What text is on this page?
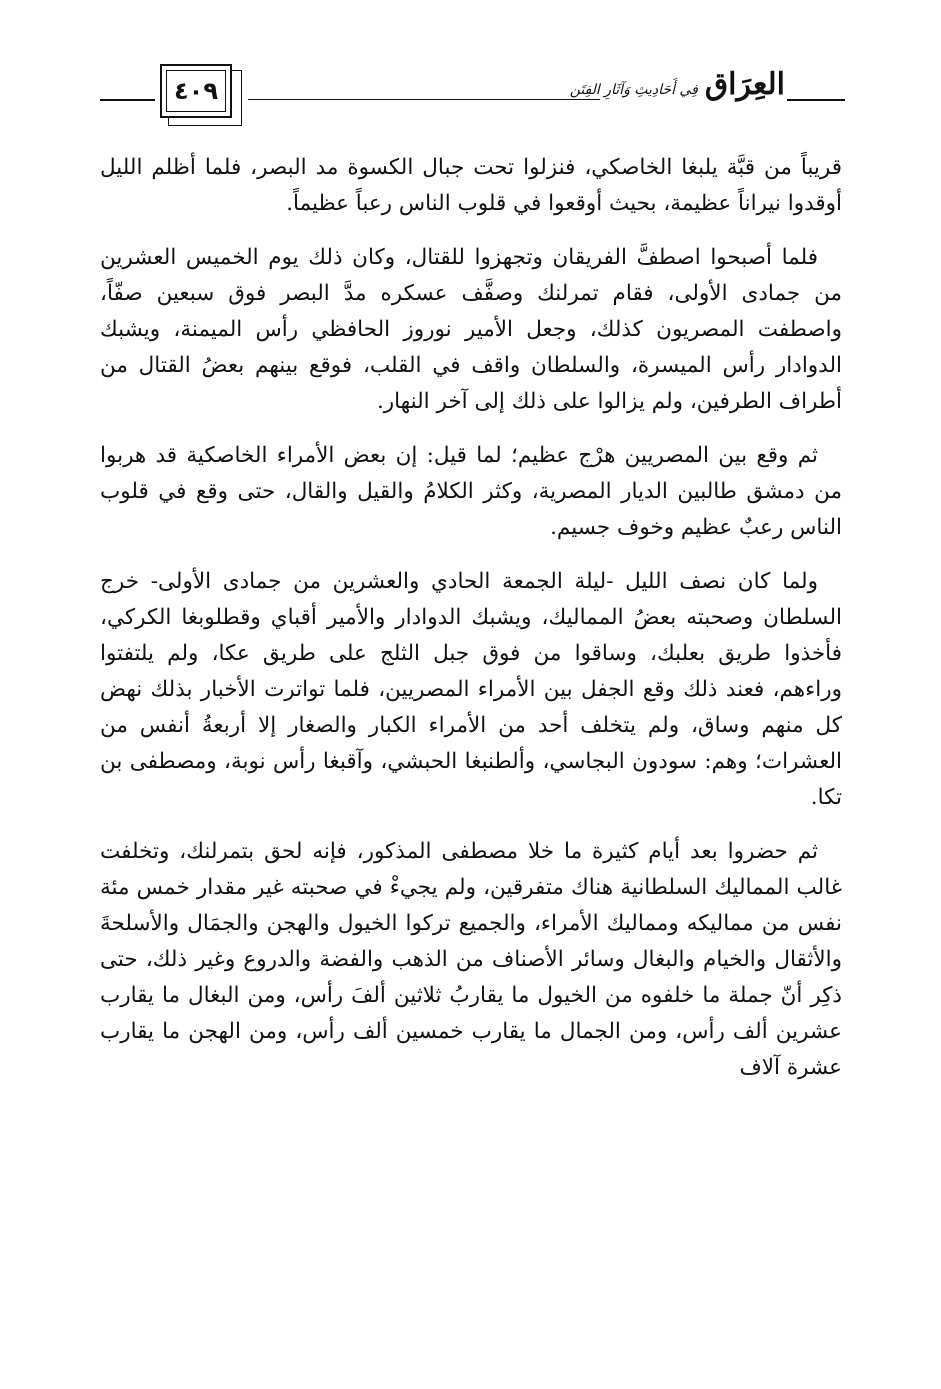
٤٠٩	العِرَاق فِي أَحَادِيثِ وَآثَارِ الفِتَن

قريباً من قبَّة يلبغا الخاصكي، فنزلوا تحت جبال الكسوة مد البصر، فلما أظلم الليل أوقدوا نيراناً عظيمة، بحيث أوقعوا في قلوب الناس رعباً عظيماً.

فلما أصبحوا اصطفَّ الفريقان وتجهزوا للقتال، وكان ذلك يوم الخميس العشرين من جمادى الأولى، فقام تمرلنك وصفَّف عسكره مدَّ البصر فوق سبعين صفّاً، واصطفت المصريون كذلك، وجعل الأمير نوروز الحافظي رأس الميمنة، ويشبك الدوادار رأس الميسرة، والسلطان واقف في القلب، فوقع بينهم بعضُ القتال من أطراف الطرفين، ولم يزالوا على ذلك إلى آخر النهار.

ثم وقع بين المصريين هرْج عظيم؛ لما قيل: إن بعض الأمراء الخاصكية قد هربوا من دمشق طالبين الديار المصرية، وكثر الكلامُ والقيل والقال، حتى وقع في قلوب الناس رعبٌ عظيم وخوف جسيم.

ولما كان نصف الليل -ليلة الجمعة الحادي والعشرين من جمادى الأولى- خرج السلطان وصحبته بعضُ المماليك، ويشبك الدوادار والأمير أقباي وقطلوبغا الكركي، فأخذوا طريق بعلبك، وساقوا من فوق جبل الثلج على طريق عكا، ولم يلتفتوا وراءهم، فعند ذلك وقع الجفل بين الأمراء المصريين، فلما تواترت الأخبار بذلك نهض كل منهم وساق، ولم يتخلف أحد من الأمراء الكبار والصغار إلا أربعةُ أنفس من العشرات؛ وهم: سودون البجاسي، وألطنبغا الحبشي، وآقبغا رأس نوبة، ومصطفى بن تكا.

ثم حضروا بعد أيام كثيرة ما خلا مصطفى المذكور، فإنه لحق بتمرلنك، وتخلفت غالب المماليك السلطانية هناك متفرقين، ولم يجيءْ في صحبته غير مقدار خمس مئة نفس من مماليكه ومماليك الأمراء، والجميع تركوا الخيول والهجن والجمَال والأسلحةَ والأثقال والخيام والبغال وسائر الأصناف من الذهب والفضة والدروع وغير ذلك، حتى ذكِر أنّ جملة ما خلفوه من الخيول ما يقاربُ ثلاثين ألفَ رأس، ومن البغال ما يقارب عشرين ألف رأس، ومن الجمال ما يقارب خمسين ألف رأس، ومن الهجن ما يقارب عشرة آلاف
